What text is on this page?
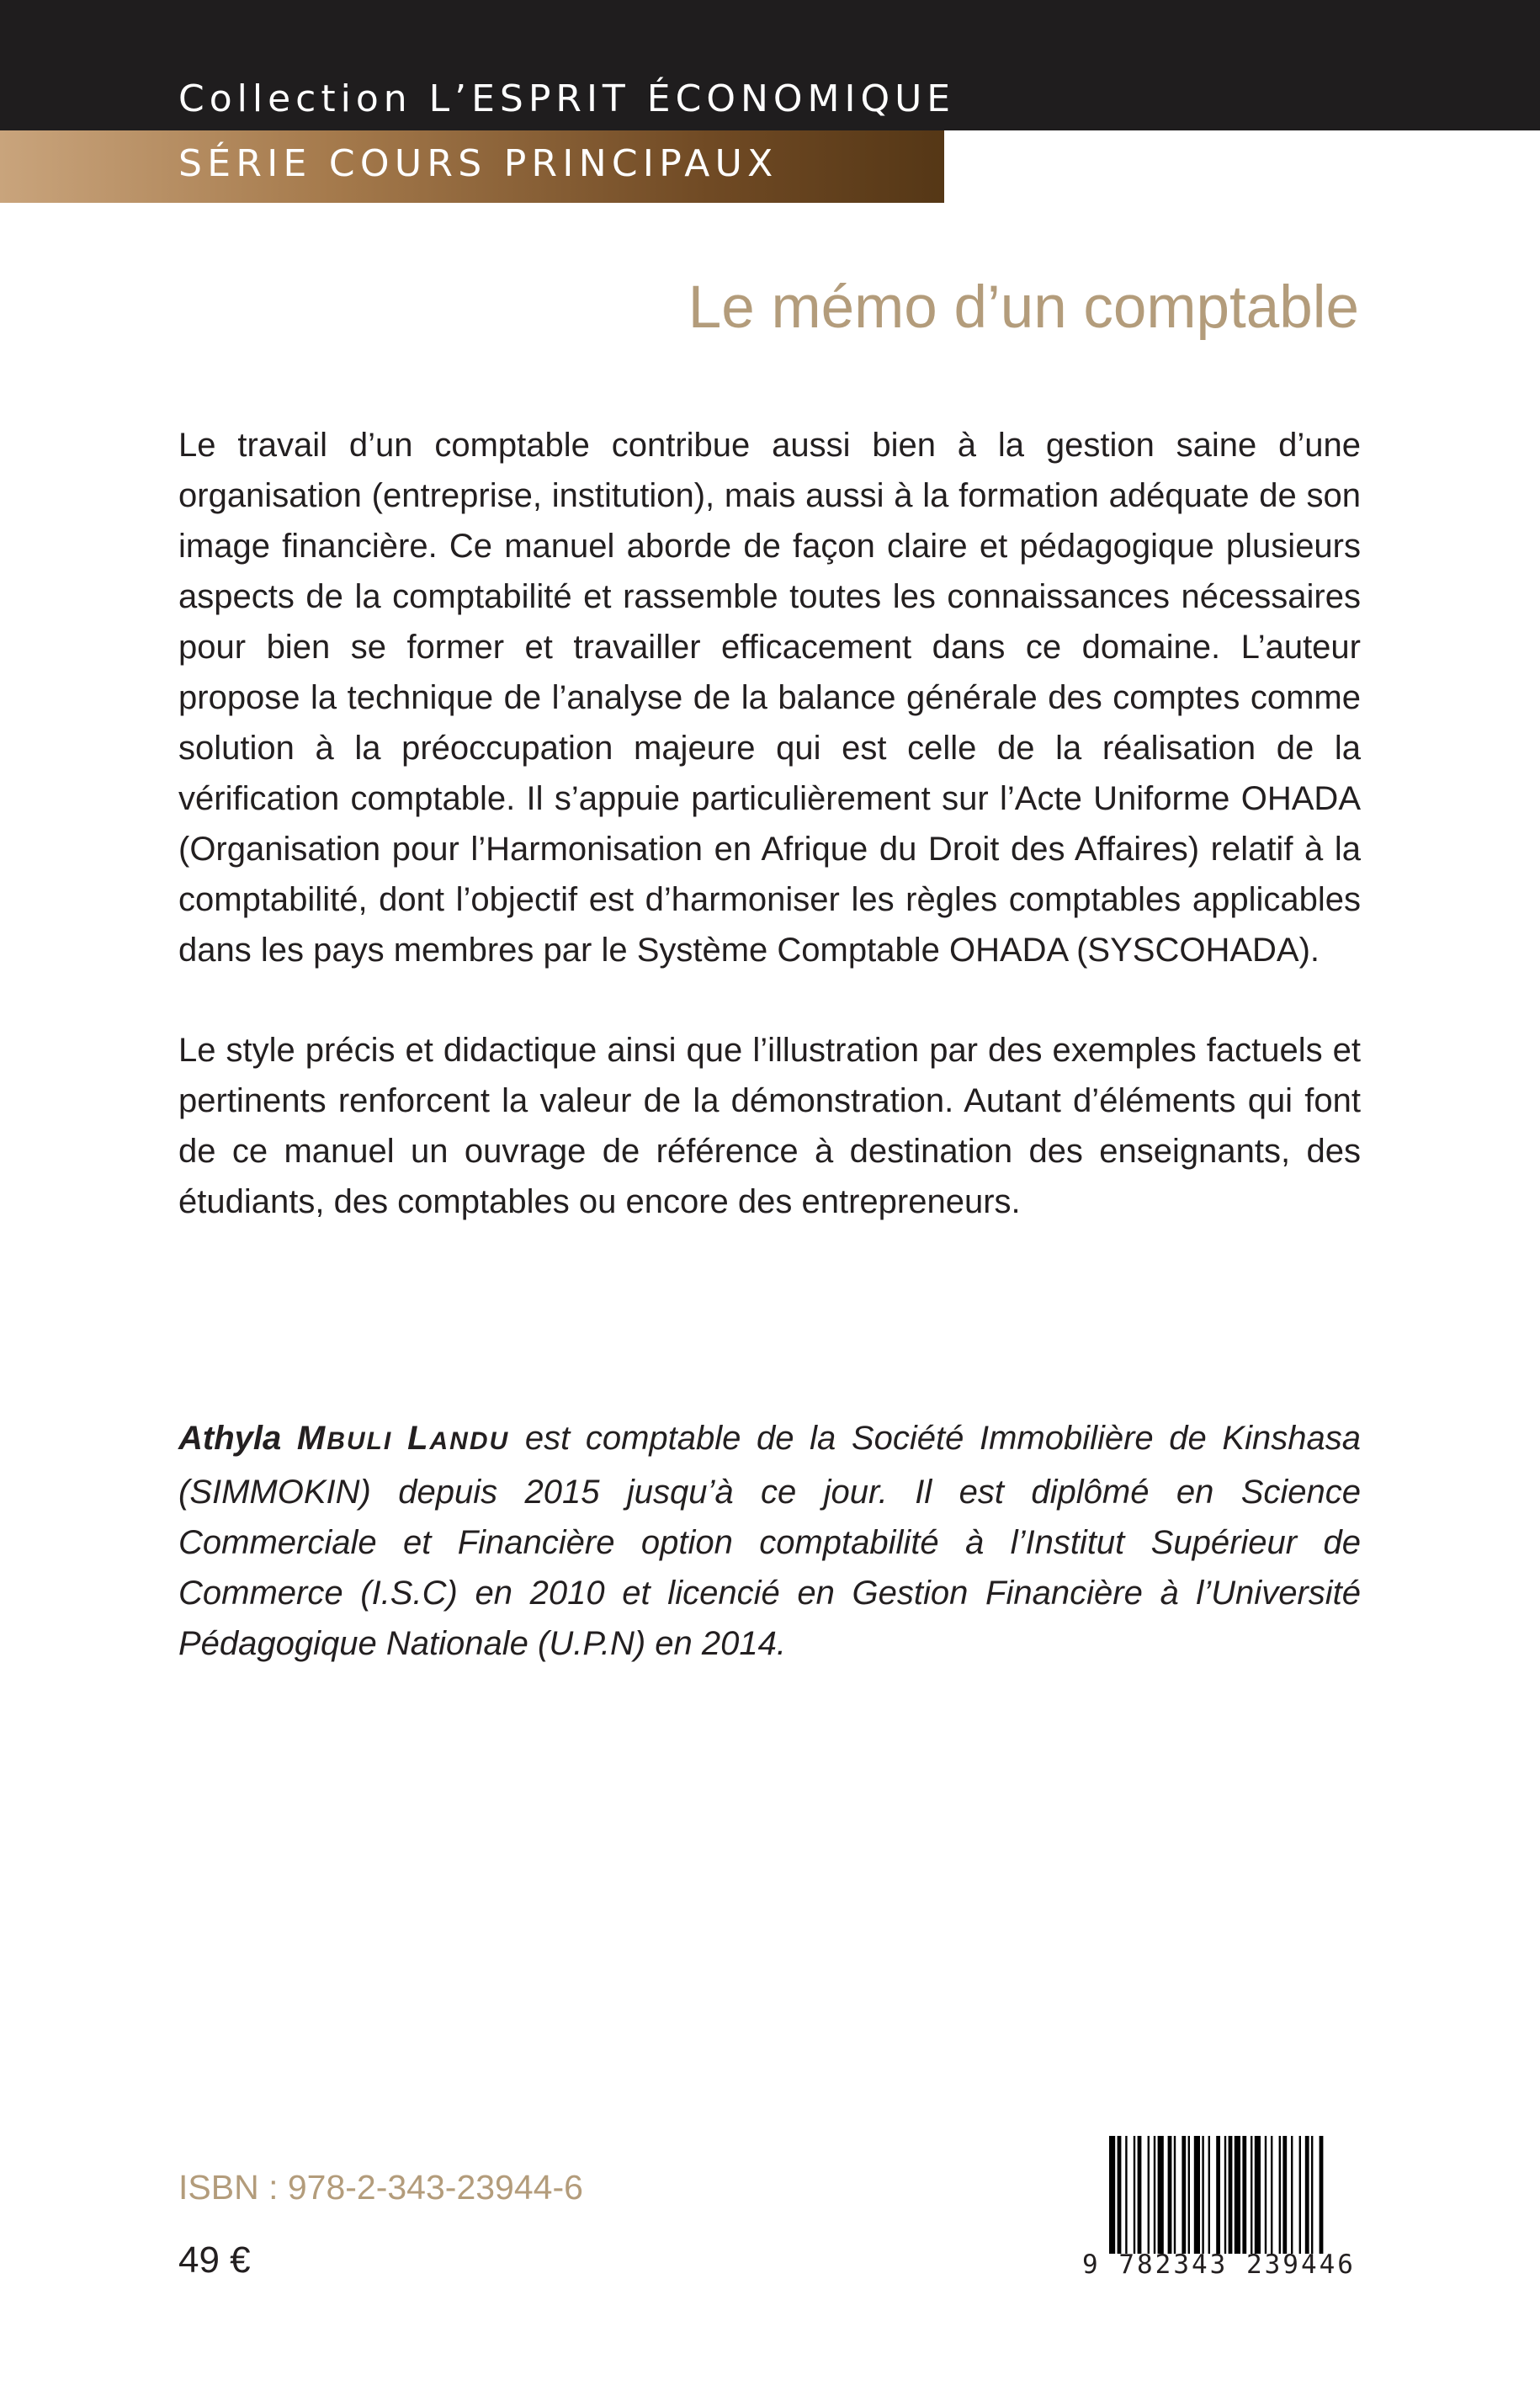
Collection L’ESPRIT ÉCONOMIQUE
SÉRIE COURS PRINCIPAUX
Le mémo d’un comptable

Le travail d’un comptable contribue aussi bien à la gestion saine d’une organisation (entreprise, institution), mais aussi à la formation adéquate de son image financière. Ce manuel aborde de façon claire et pédagogique plusieurs aspects de la comptabilité et rassemble toutes les connaissances nécessaires pour bien se former et travailler efficacement dans ce domaine. L’auteur propose la technique de l’analyse de la balance générale des comptes comme solution à la préoccupation majeure qui est celle de la réalisation de la vérification comptable. Il s’appuie particulièrement sur l’Acte Uniforme OHADA (Organisation pour l’Harmonisation en Afrique du Droit des Affaires) relatif à la comptabilité, dont l’objectif est d’harmoniser les règles comptables applicables dans les pays membres par le Système Comptable OHADA (SYSCOHADA).

Le style précis et didactique ainsi que l’illustration par des exemples factuels et pertinents renforcent la valeur de la démonstration. Autant d’éléments qui font de ce manuel un ouvrage de référence à destination des enseignants, des étudiants, des comptables ou encore des entrepreneurs.

Athyla MBULI LANDU est comptable de la Société Immobilière de Kinshasa (SIMMOKIN) depuis 2015 jusqu’à ce jour. Il est diplômé en Science Commerciale et Financière option comptabilité à l’Institut Supérieur de Commerce (I.S.C) en 2010 et licencié en Gestion Financière à l’Université Pédagogique Nationale (U.P.N) en 2014.

ISBN : 978-2-343-23944-6
49 €	9 782343 239446
